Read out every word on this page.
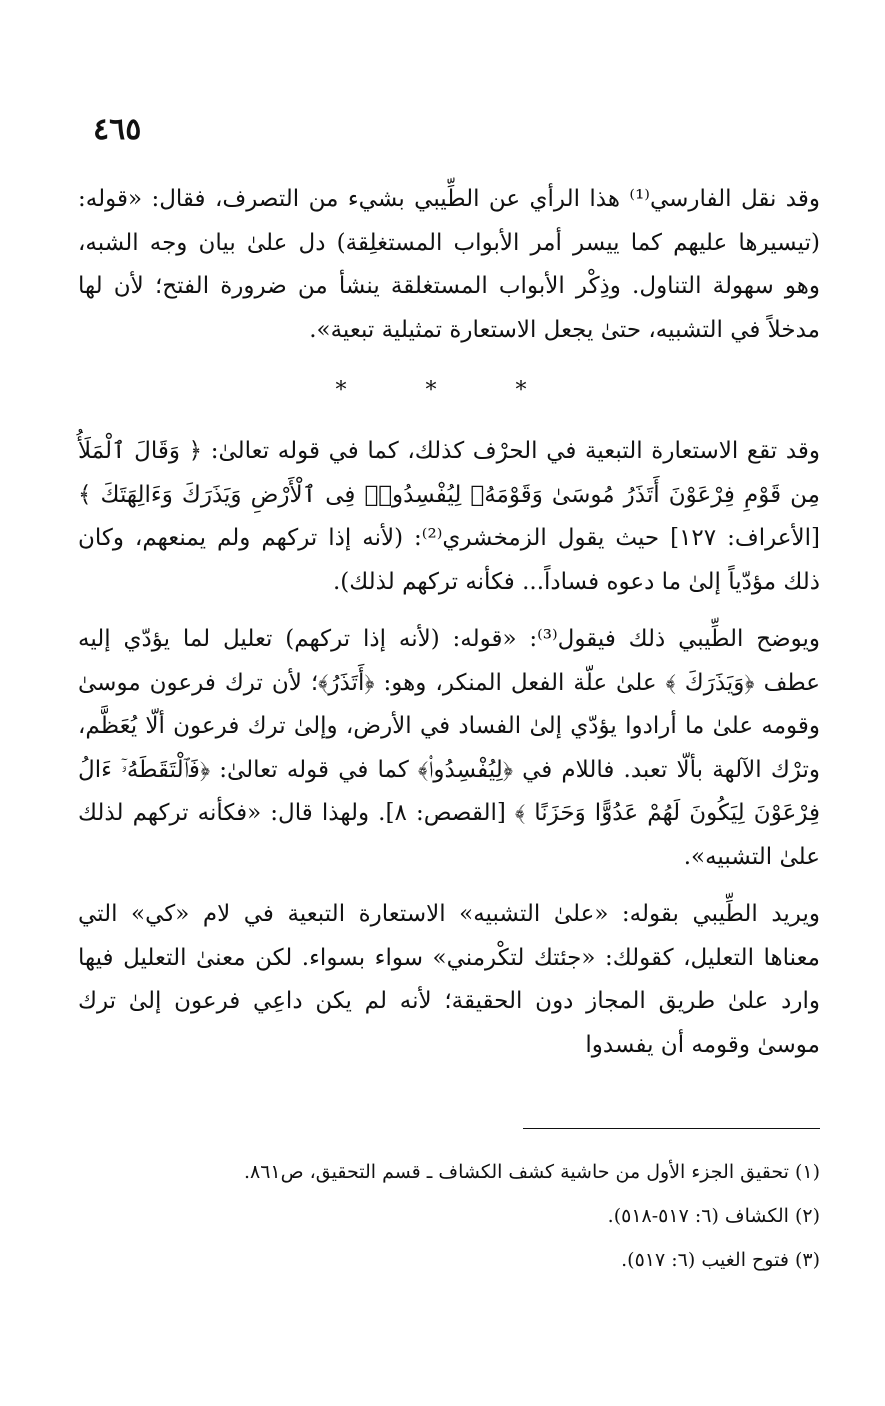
٤٦٥

وقد نقل الفارسي⁽¹⁾ هذا الرأي عن الطِّيبي بشيء من التصرف، فقال: «قوله: (تيسيرها عليهم كما ييسر أمر الأبواب المستغلِقة) دل علىٰ بيان وجه الشبه، وهو سهولة التناول. وذِكْر الأبواب المستغلقة ينشأ من ضرورة الفتح؛ لأن لها مدخلاً في التشبيه، حتىٰ يجعل الاستعارة تمثيلية تبعية».

* * *

وقد تقع الاستعارة التبعية في الحرْف كذلك، كما في قوله تعالىٰ: ﴿ وَقَالَ ٱلْمَلَأُ مِن قَوْمِ فِرْعَوْنَ أَتَذَرُ مُوسَىٰ وَقَوْمَهُۥ لِيُفْسِدُوا۟ فِى ٱلْأَرْضِ وَيَذَرَكَ وَءَالِهَتَكَ ﴾ [الأعراف: ١٢٧] حيث يقول الزمخشري⁽²⁾: (لأنه إذا تركهم ولم يمنعهم، وكان ذلك مؤدّياً إلىٰ ما دعوه فساداً... فكأنه تركهم لذلك).

ويوضح الطِّيبي ذلك فيقول⁽³⁾: «قوله: (لأنه إذا تركهم) تعليل لما يؤدّي إليه عطف ﴿وَيَذَرَكَ ﴾ علىٰ علّة الفعل المنكر، وهو: ﴿أَتَذَرُ﴾؛ لأن ترك فرعون موسىٰ وقومه علىٰ ما أرادوا يؤدّي إلىٰ الفساد في الأرض، وإلىٰ ترك فرعون ألّا يُعَظَّم، وترْك الآلهة بألّا تعبد. فاللام في ﴿لِيُفْسِدُوا۟﴾ كما في قوله تعالىٰ: ﴿فَٱلْتَقَطَهُۥٓ ءَالُ فِرْعَوْنَ لِيَكُونَ لَهُمْ عَدُوًّا وَحَزَنًا ﴾ [القصص: ٨]. ولهذا قال: «فكأنه تركهم لذلك علىٰ التشبيه».

ويريد الطِّيبي بقوله: «علىٰ التشبيه» الاستعارة التبعية في لام «كي» التي معناها التعليل، كقولك: «جئتك لتكْرمني» سواء بسواء. لكن معنىٰ التعليل فيها وارد علىٰ طريق المجاز دون الحقيقة؛ لأنه لم يكن داعِي فرعون إلىٰ ترك موسىٰ وقومه أن يفسدوا

(١) تحقيق الجزء الأول من حاشية كشف الكشاف ـ قسم التحقيق، ص٨٦١.

(٢) الكشاف (٦: ٥١٧-٥١٨).

(٣) فتوح الغيب (٦: ٥١٧).
